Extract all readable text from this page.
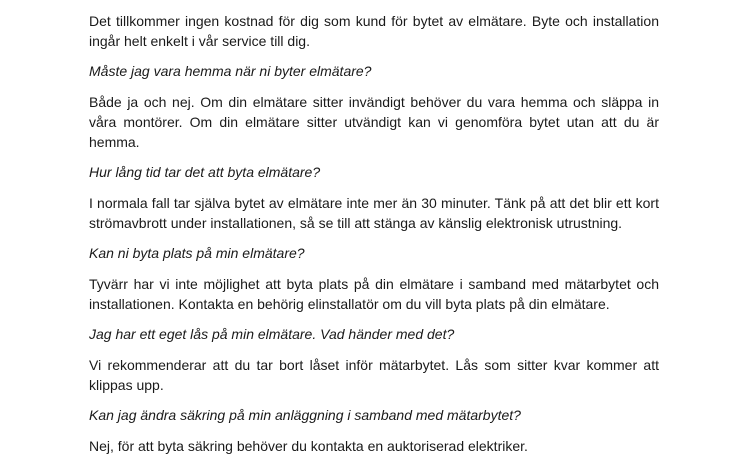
Det tillkommer ingen kostnad för dig som kund för bytet av elmätare. Byte och installation ingår helt enkelt i vår service till dig.

Måste jag vara hemma när ni byter elmätare?

Både ja och nej. Om din elmätare sitter invändigt behöver du vara hemma och släppa in våra montörer. Om din elmätare sitter utvändigt kan vi genomföra bytet utan att du är hemma.

Hur lång tid tar det att byta elmätare?

I normala fall tar själva bytet av elmätare inte mer än 30 minuter. Tänk på att det blir ett kort strömavbrott under installationen, så se till att stänga av känslig elektronisk utrustning.

Kan ni byta plats på min elmätare?

Tyvärr har vi inte möjlighet att byta plats på din elmätare i samband med mätarbytet och installationen. Kontakta en behörig elinstallatör om du vill byta plats på din elmätare.

Jag har ett eget lås på min elmätare. Vad händer med det?

Vi rekommenderar att du tar bort låset inför mätarbytet. Lås som sitter kvar kommer att klippas upp.

Kan jag ändra säkring på min anläggning i samband med mätarbytet?

Nej, för att byta säkring behöver du kontakta en auktoriserad elektriker.
